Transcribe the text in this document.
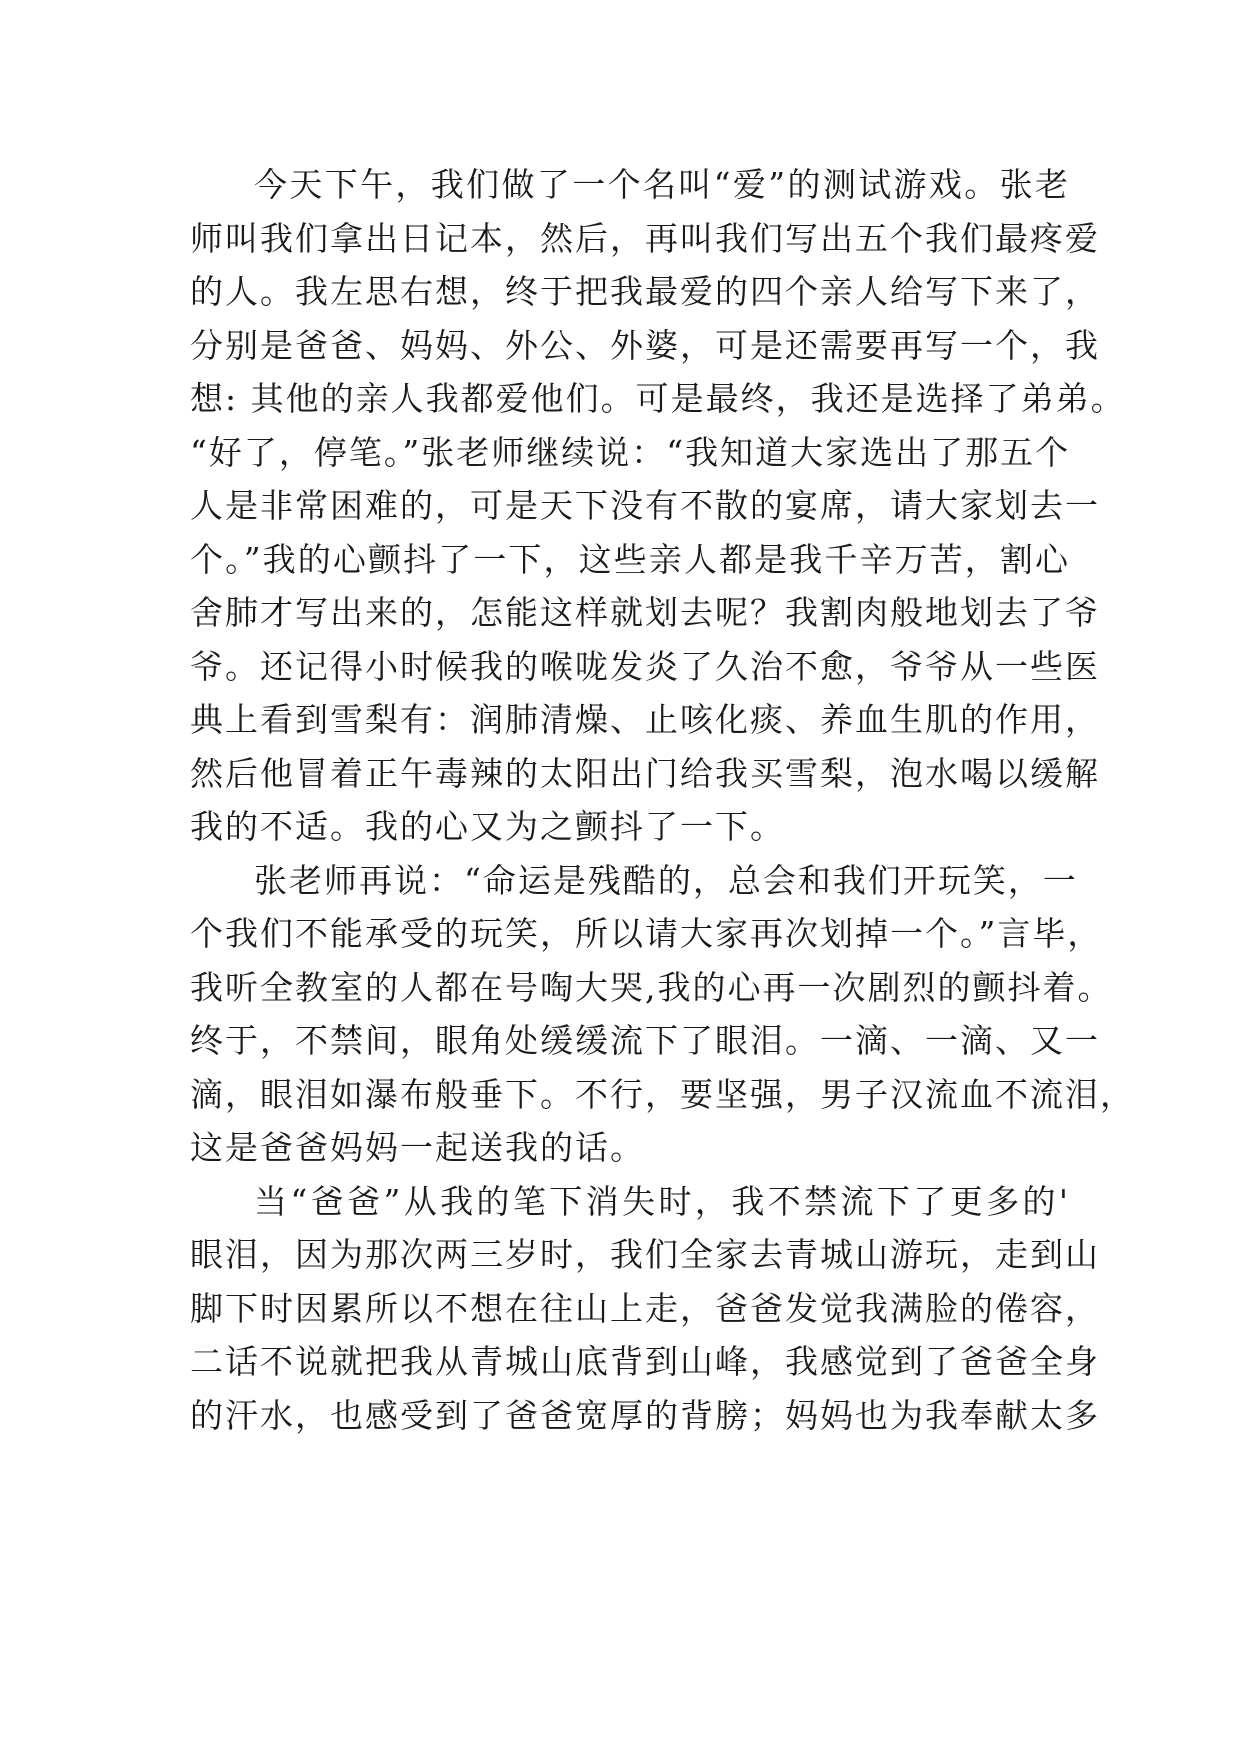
今天下午，我们做了一个名叫“爱”的测试游戏。张老
师叫我们拿出日记本，然后，再叫我们写出五个我们最疼爱
的人。我左思右想，终于把我最爱的四个亲人给写下来了，
分别是爸爸、妈妈、外公、外婆，可是还需要再写一个，我
想: 其他的亲人我都爱他们。可是最终，我还是选择了弟弟。
“好了，停笔。”张老师继续说：“我知道大家选出了那五个
人是非常困难的，可是天下没有不散的宴席，请大家划去一
个。”我的心颤抖了一下，这些亲人都是我千辛万苦，割心
舍肺才写出来的，怎能这样就划去呢？我割肉般地划去了爷
爷。还记得小时候我的喉咙发炎了久治不愈，爷爷从一些医
典上看到雪梨有：润肺清燥、止咳化痰、养血生肌的作用，
然后他冒着正午毒辣的太阳出门给我买雪梨，泡水喝以缓解
我的不适。我的心又为之颤抖了一下。
张老师再说：“命运是残酷的，总会和我们开玩笑，一
个我们不能承受的玩笑，所以请大家再次划掉一个。”言毕，
我听全教室的人都在号啕大哭,我的心再一次剧烈的颤抖着。
终于，不禁间，眼角处缓缓流下了眼泪。一滴、一滴、又一
滴，眼泪如瀑布般垂下。不行，要坚强，男子汉流血不流泪，
这是爸爸妈妈一起送我的话。
当“爸爸”从我的笔下消失时，我不禁流下了更多的'
眼泪，因为那次两三岁时，我们全家去青城山游玩，走到山
脚下时因累所以不想在往山上走，爸爸发觉我满脸的倦容，
二话不说就把我从青城山底背到山峰，我感觉到了爸爸全身
的汗水，也感受到了爸爸宽厚的背膀；妈妈也为我奉献太多
